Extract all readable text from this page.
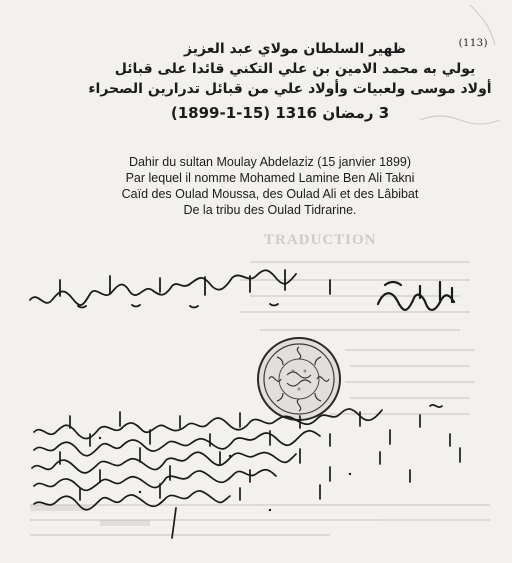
TRADUCTION
(113)
ظهير السلطان مولاي عبد العزيز
يولي به محمد الامين بن علي التكني قائدا على قبائل
أولاد موسى ولعبيات وأولاد علي من قبائل تدرارين الصحراء
3 رمضان 1316 (15-1-1899)
Dahir du sultan Moulay Abdelaziz (15 janvier 1899)
Par lequel il nomme Mohamed Lamine Ben Ali Takni
Caïd des Oulad Moussa, des Oulad Ali et des Lâbibat
De la tribu des Oulad Tidrarine.
